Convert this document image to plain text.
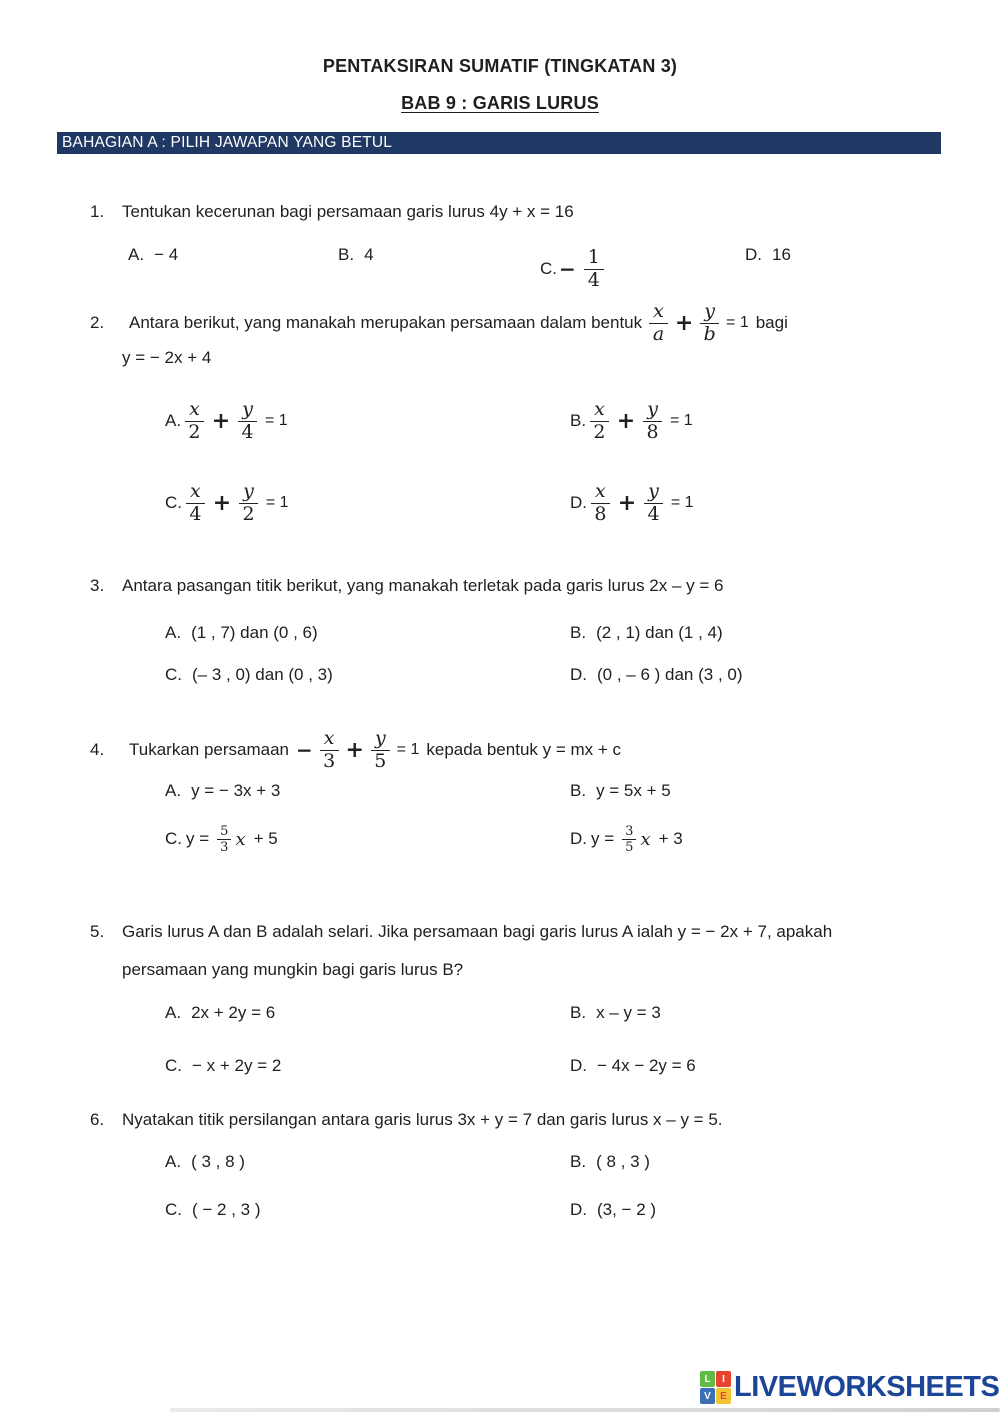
PENTAKSIRAN SUMATIF (TINGKATAN 3)
BAB 9 : GARIS LURUS
BAHAGIAN A : PILIH JAWAPAN YANG BETUL
1. Tentukan kecerunan bagi persamaan garis lurus 4y + x = 16
A. − 4	B. 4
C. − $\frac{1}{4}$	D. 16
2.	Antara berikut, yang manakah merupakan persamaan dalam bentuk $\frac{x}{a} + \frac{y}{b} = 1$ bagi
y = − 2x + 4
A. $\frac{x}{2} + \frac{y}{4} = 1$	B. $\frac{x}{2} + \frac{y}{8} = 1$
C. $\frac{x}{4} + \frac{y}{2} = 1$	D. $\frac{x}{8} + \frac{y}{4} = 1$
3. Antara pasangan titik berikut, yang manakah terletak pada garis lurus 2x – y = 6
A. (1 , 7) dan (0 , 6)	B. (2 , 1) dan (1 , 4)
C. (– 3 , 0) dan (0 , 3)	D. (0 , – 6 ) dan (3 , 0)
4.	Tukarkan persamaan − $\frac{x}{3} + \frac{y}{5} = 1$ kepada bentuk y = mx + c
A. y = − 3x + 3	B. y = 5x + 5
C. $y = \frac{5}{3}$ x + 5	D. $y = \frac{3}{5}$ x + 3
5. Garis lurus A dan B adalah selari. Jika persamaan bagi garis lurus A ialah y = − 2x + 7, apakah
persamaan yang mungkin bagi garis lurus B?
A. 2x + 2y = 6	B. x – y = 3
C. − x + 2y = 2	D. − 4x − 2y = 6
6. Nyatakan titik persilangan antara garis lurus 3x + y = 7 dan garis lurus x – y = 5.
A. ( 3 , 8 )	B. ( 8 , 3 )
C. ( − 2 , 3 )	D. (3, − 2 )
L	I
V E LIVEWORKSHEETS
